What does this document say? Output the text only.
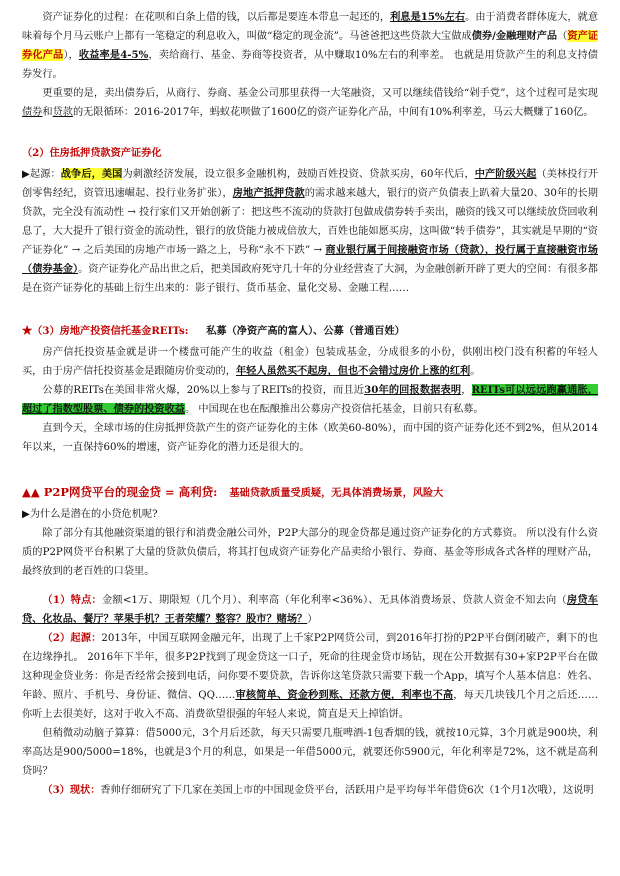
资产证券化的过程：在花呗和白条上借的钱，以后都是要连本带息一起还的，利息是15%左右。由于消费者群体庞大，就意味着每个月马云账户上都有一笔稳定的利息收入，叫做“稳定的现金流”。马爸爸把这些贷款大宝做成债券/金融理财产品（资产证券化产品），收益率是4-5%，卖给商行、基金、券商等投资者，从中赚取10%左右的利率差。 也就是用贷款产生的利息支持债券发行。

更重要的是，卖出债券后，从商行、券商、基金公司那里获得一大笔融资，又可以继续借钱给“剁手党”，这个过程可是实现债券和贷款的无限循环：2016-2017年，蚂蚁花呗做了1600亿的资产证券化产品，中间有10%利率差，马云大概赚了160亿。

（2）住房抵押贷款资产证券化

▶起源：战争后，美国为刺激经济发展，设立很多金融机构，鼓励百姓投资、贷款买房，60年代后，中产阶级兴起（美林投行开创零售经纪，资管迅速崛起、投行业务扩张），房地产抵押贷款的需求越来越大，银行的资产负债表上趴着大量20、30年的长期贷款，完全没有流动性 → 投行家们又开始创新了：把这些不流动的贷款打包做成债券转手卖出，融资的钱又可以继续放贷回收利息了，大大提升了银行资金的流动性，银行的放贷能力被成倍放大，百姓也能如愿买房，这叫做“转手债券”，其实就是早期的“资产证券化” → 之后美国的房地产市场一路之上，号称“永不下跌” → 商业银行属于间接融资市场（贷款），投行属于直接融资市场（债券基金）。资产证券化产品出世之后，把美国政府死守几十年的分业经营查了大洞，为金融创新开辟了更大的空间：有很多都是在资产证券化的基础上衍生出来的：影子银行、货币基金、量化交易、金融工程……

★（3）房地产投资信托基金REITs: 私募（净资产高的富人）、公募（普通百姓）

房产信托投资基金就是讲一个楼盘可能产生的收益（租金）包装成基金，分成很多的小份，供刚出校门没有积蓄的年轻人买，由于房产信托投资基金是跟随房价变动的，年轻人虽然买不起房，但也不会错过房价上涨的红利。

公募的REITs在美国非常火爆，20%以上参与了REITs的投资，而且近30年的回报数据表明，REITs可以远远跑赢通胀，超过了指数型股票、债券的投资收益。 中国现在也在酝酿推出公募房产投资信托基金，目前只有私募。

直到今天，全球市场的住房抵押贷款产生的资产证券化的主体（欧美60-80%），而中国的资产证券化还不到2%，但从2014年以来，一直保持60%的增速，资产证券化的潜力还是很大的。

▲▲ P2P网贷平台的现金贷 = 高利贷: 基础贷款质量受质疑，无具体消费场景，风险大

▶为什么是潜在的小贷危机呢?

除了部分有其他融资渠道的银行和消费金融公司外，P2P大部分的现金贷都是通过资产证券化的方式募资。 所以没有什么资质的P2P网贷平台积累了大量的贷款负债后，将其打包成资产证券化产品卖给小银行、券商、基金等形成各式各样的理财产品，最终放到的老百姓的口袋里。

（1）特点：金额<1万、期限短（几个月）、利率高（年化利率<36%）、无具体消费场景、贷款人资金不知去向（房贷车贷、化妆品、餐厅？苹果手机？王者荣耀？整容？股市？赌场？）

（2）起源：2013年，中国互联网金融元年，出现了上千家P2P网贷公司，到2016年打扮的P2P平台倒闭破产，剩下的也在边缘挣扎。 2016年下半年，很多P2P找到了现金贷这一口子，死命的往现金贷市场钻，现在公开数据有30+家P2P平台在做这种现金贷业务：你是否经常会接到电话，问你要不要贷款，告诉你这笔贷款只需要下载一个App，填写个人基本信息：姓名、年龄、照片、手机号、身份证、微信、QQ……审核简单、资金秒到账、还款方便，利率也不高，每天几块钱几个月之后还……你听上去很美好，这对于收入不高、消费欲望很强的年轻人来说，简直是天上掉馅饼。

但稍微动动脑子算算：借5000元，3个月后还款，每天只需要几瓶啤酒-1包香烟的钱，就按10元算，3个月就是900块，利率高达是900/5000=18%，也就是3个月的利息，如果是一年借5000元，就要还你5900元，年化利率是72%，这不就是高利贷吗？

（3）现状：香帅仔细研究了下几家在美国上市的中国现金贷平台，活跃用户是平均每半年借贷6次（1个月1次哦），这说明
